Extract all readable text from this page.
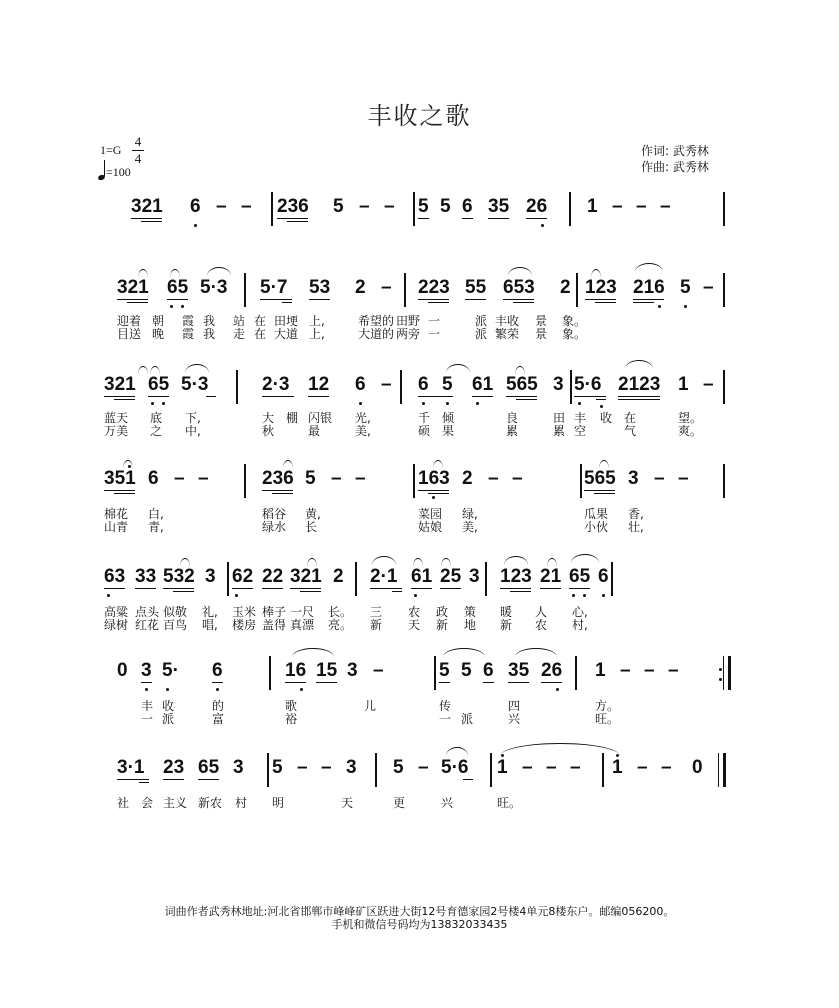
丰收之歌
1=G
4
4
=100
作词: 武秀林
作曲: 武秀林
321 6 – – 236 5 – – 5 5 6 35 26 1 – – –
321 65 5·3 5·7 53 2 – 223 55 653 2 123 216 5 –
迎着 朝 霞 我 站 在 田埂 上,	希望的 田野 一	派 丰收 景 象。
目送 晚 霞 我 走 在 大道 上,	大道的 两旁 一	派 繁荣 景 象。
321 65 5·3	2·3 12 6 – 6 5 61 565 3 5·6 2123 1 –
蓝天 底 下,	大 棚 闪银 光,	千 倾	良	田 丰 收 在	望。
万美 之 中,	秋	最	美,	硕 果	累	累 空	气	爽。
351 6 – –	236 5 – –	163 2 – –	565 3 – –
棉花 白,	稻谷 黄,	菜园 绿,	瓜果 香,
山青 青,	绿水 长	姑娘 美,	小伙 壮,
63 33 532 3 62 22 321 2 2·1 61 25 3 123 21 65 6
高粱 点头 似敬 礼, 玉米 棒子 一尺 长。 三 农 政 策 暖 人 心,
绿树 红花 百鸟 唱, 楼房 盖得 真漂 亮。 新 天 新 地 新 农 村,
0 3 5· 6	16 15 3 –	5 5 6 35 26 1 – – –
丰 收	的	歌	儿	传	四	方。
一 派	富	裕	一 派	兴	旺。
3·1 23 65 3 5 – – 3 5 – 5·6 1 – – – 1 – – 0
社 会 主义 新农 村 明	天	更	兴	旺。
词曲作者武秀林地址:河北省邯郸市峰峰矿区跃进大街12号育德家园2号楼4单元8楼东户。邮编056200。
手机和微信号码均为13832033435
